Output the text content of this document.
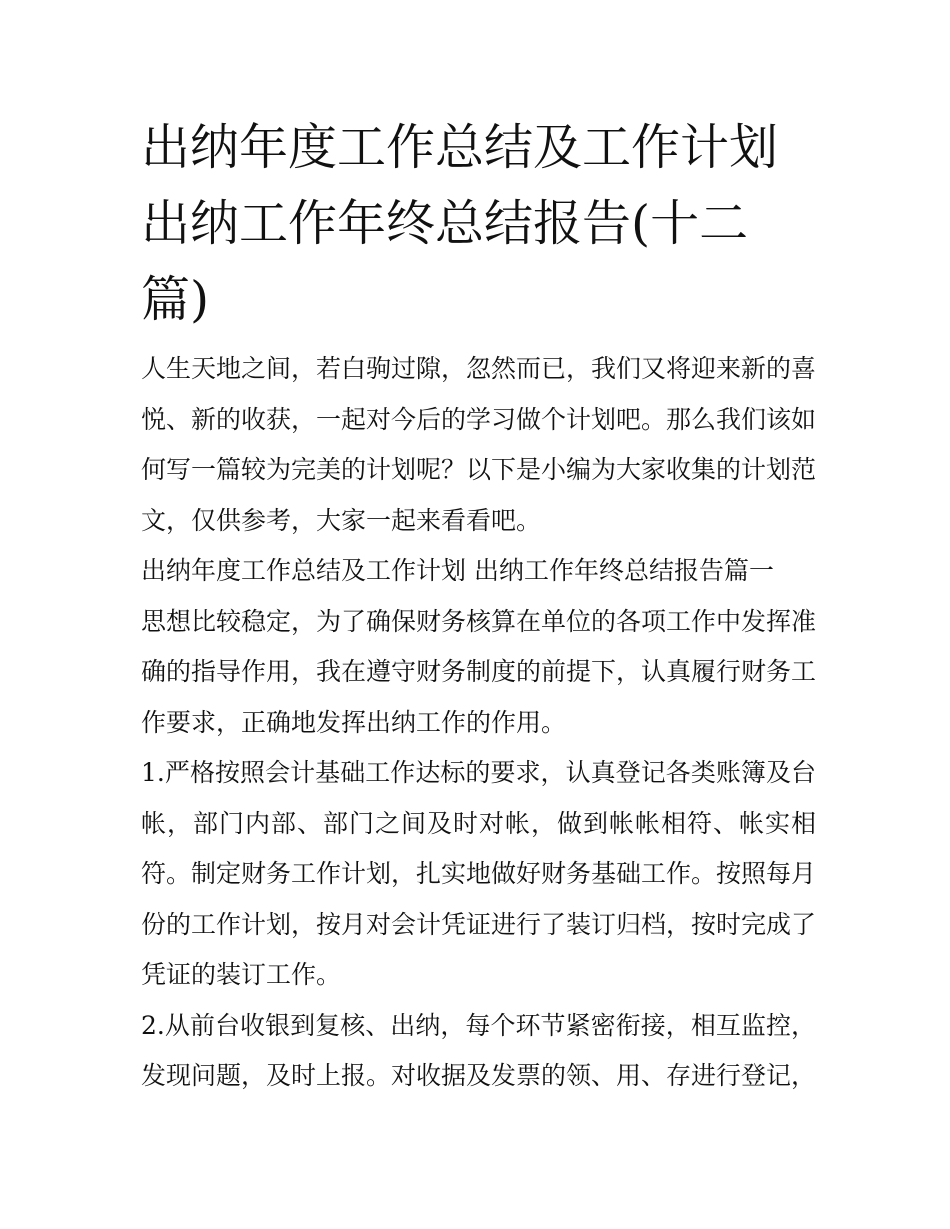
出纳年度工作总结及工作计划 出纳工作年终总结报告(十二篇)

人生天地之间，若白驹过隙，忽然而已，我们又将迎来新的喜悦、新的收获，一起对今后的学习做个计划吧。那么我们该如何写一篇较为完美的计划呢？以下是小编为大家收集的计划范文，仅供参考，大家一起来看看吧。

出纳年度工作总结及工作计划 出纳工作年终总结报告篇一

思想比较稳定，为了确保财务核算在单位的各项工作中发挥准确的指导作用，我在遵守财务制度的前提下，认真履行财务工作要求，正确地发挥出纳工作的作用。

1.严格按照会计基础工作达标的要求，认真登记各类账簿及台帐，部门内部、部门之间及时对帐，做到帐帐相符、帐实相符。制定财务工作计划，扎实地做好财务基础工作。按照每月份的工作计划，按月对会计凭证进行了装订归档，按时完成了凭证的装订工作。

2.从前台收银到复核、出纳，每个环节紧密衔接，相互监控，发现问题，及时上报。对收据及发票的领、用、存进行登记，
